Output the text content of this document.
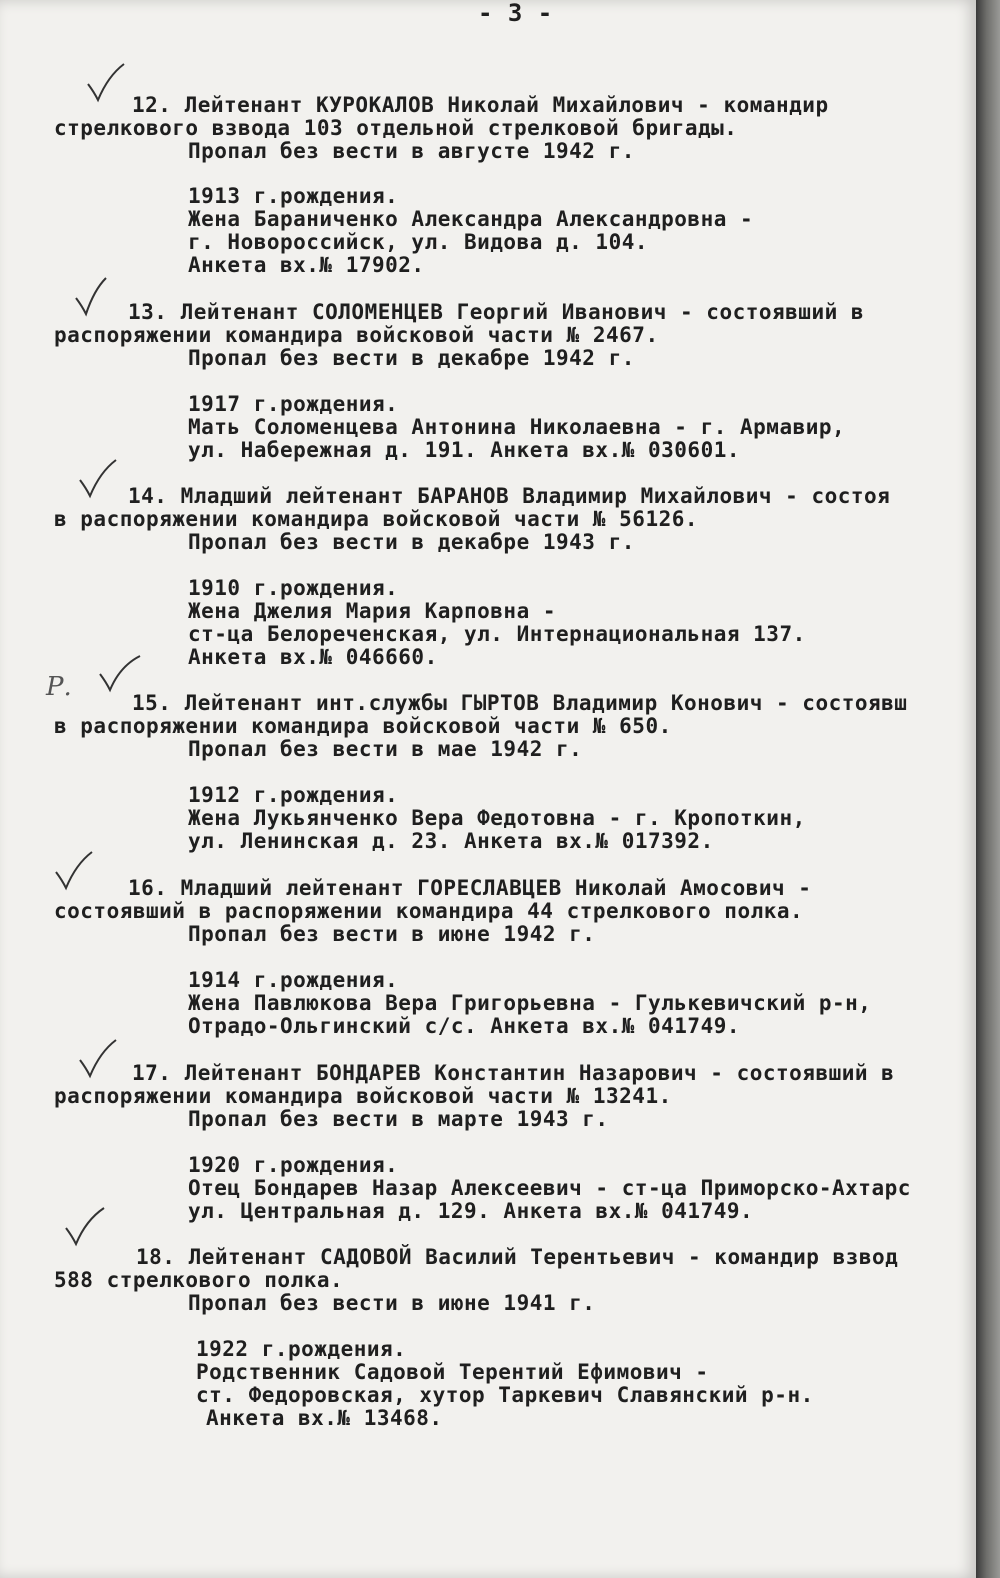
- 3 -
Р.
12. Лейтенант КУРОКАЛОВ Николай Михайлович - командир
стрелкового взвода 103 отдельной стрелковой бригады.
Пропал без вести в августе 1942 г.
1913 г.рождения.
Жена Бараниченко Александра Александровна -
г. Новороссийск, ул. Видова д. 104.
Анкета вх.№ 17902.
13. Лейтенант СОЛОМЕНЦЕВ Георгий Иванович - состоявший в
распоряжении командира войсковой части № 2467.
Пропал без вести в декабре 1942 г.
1917 г.рождения.
Мать Соломенцева Антонина Николаевна - г. Армавир,
ул. Набережная д. 191. Анкета вх.№ 030601.
14. Младший лейтенант БАРАНОВ Владимир Михайлович - состоя
в распоряжении командира войсковой части № 56126.
Пропал без вести в декабре 1943 г.
1910 г.рождения.
Жена Джелия Мария Карповна -
ст-ца Белореченская, ул. Интернациональная 137.
Анкета вх.№ 046660.
15. Лейтенант инт.службы ГЫРТОВ Владимир Конович - состоявш
в распоряжении командира войсковой части № 650.
Пропал без вести в мае 1942 г.
1912 г.рождения.
Жена Лукьянченко Вера Федотовна - г. Кропоткин,
ул. Ленинская д. 23. Анкета вх.№ 017392.
16. Младший лейтенант ГОРЕСЛАВЦЕВ Николай Амосович -
состоявший в распоряжении командира 44 стрелкового полка.
Пропал без вести в июне 1942 г.
1914 г.рождения.
Жена Павлюкова Вера Григорьевна - Гулькевичский р-н,
Отрадо-Ольгинский с/с. Анкета вх.№ 041749.
17. Лейтенант БОНДАРЕВ Константин Назарович - состоявший в
распоряжении командира войсковой части № 13241.
Пропал без вести в марте 1943 г.
1920 г.рождения.
Отец Бондарев Назар Алексеевич - ст-ца Приморско-Ахтарс
ул. Центральная д. 129. Анкета вх.№ 041749.
18. Лейтенант САДОВОЙ Василий Терентьевич - командир взвод
588 стрелкового полка.
Пропал без вести в июне 1941 г.
1922 г.рождения.
Родственник Садовой Терентий Ефимович -
ст. Федоровская, хутор Таркевич Славянский р-н.
Анкета вх.№ 13468.
